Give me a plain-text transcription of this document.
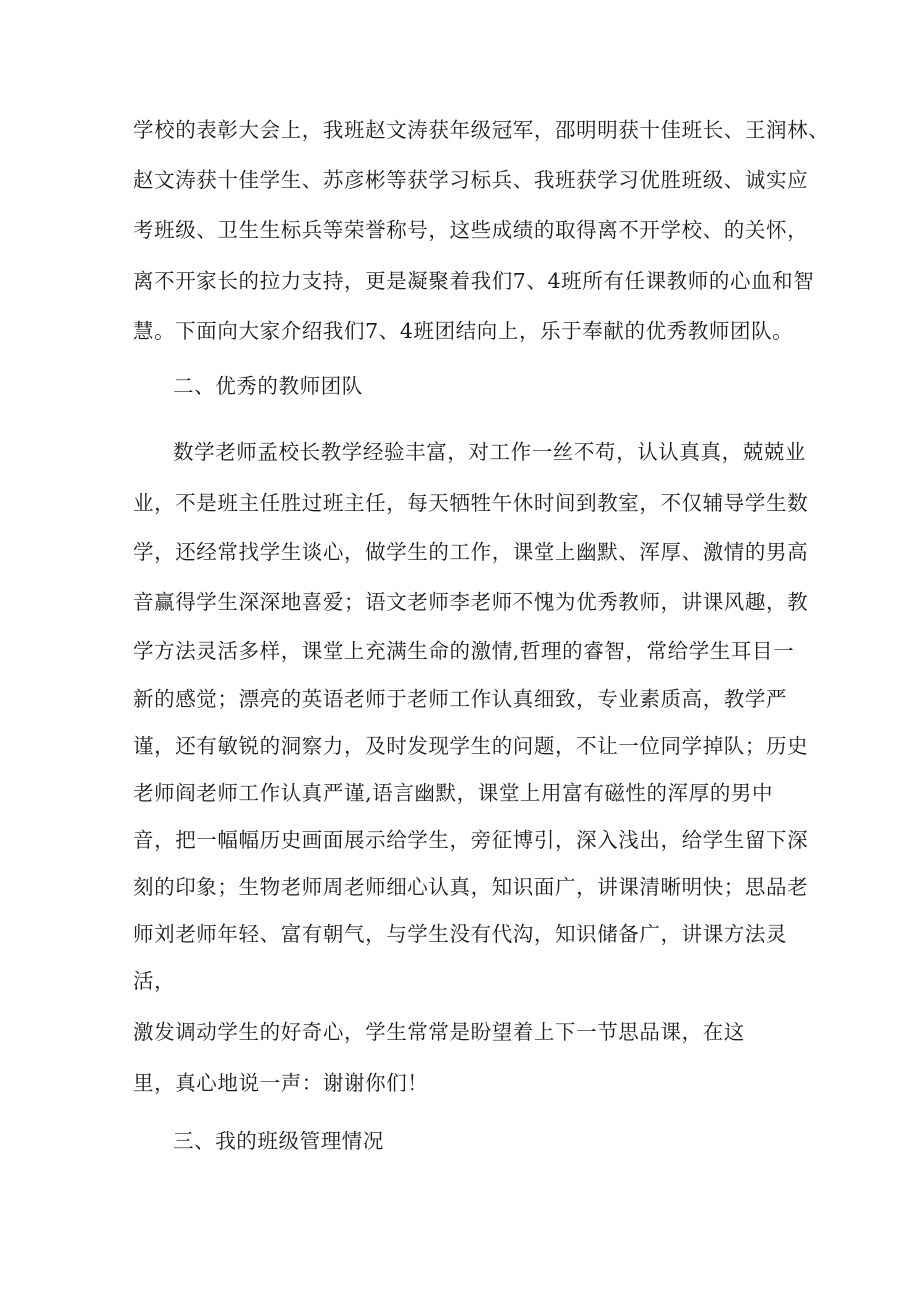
学校的表彰大会上，我班赵文涛获年级冠军，邵明明获十佳班长、王润林、
赵文涛获十佳学生、苏彦彬等获学习标兵、我班获学习优胜班级、诚实应
考班级、卫生生标兵等荣誉称号，这些成绩的取得离不开学校、的关怀，
离不开家长的拉力支持，更是凝聚着我们7、4班所有任课教师的心血和智
慧。下面向大家介绍我们7、4班团结向上，乐于奉献的优秀教师团队。
二、优秀的教师团队
数学老师孟校长教学经验丰富，对工作一丝不苟，认认真真，兢兢业
业，不是班主任胜过班主任，每天牺牲午休时间到教室，不仅辅导学生数
学，还经常找学生谈心，做学生的工作，课堂上幽默、浑厚、激情的男高
音赢得学生深深地喜爱；语文老师李老师不愧为优秀教师，讲课风趣，教
学方法灵活多样，课堂上充满生命的激情,哲理的睿智，常给学生耳目一
新的感觉；漂亮的英语老师于老师工作认真细致，专业素质高，教学严
谨，还有敏锐的洞察力，及时发现学生的问题，不让一位同学掉队；历史
老师阎老师工作认真严谨,语言幽默，课堂上用富有磁性的浑厚的男中
音，把一幅幅历史画面展示给学生，旁征博引，深入浅出，给学生留下深
刻的印象；生物老师周老师细心认真，知识面广，讲课清晰明快；思品老
师刘老师年轻、富有朝气，与学生没有代沟，知识储备广，讲课方法灵
活，
激发调动学生的好奇心，学生常常是盼望着上下一节思品课，在这
里，真心地说一声：谢谢你们！
三、我的班级管理情况
